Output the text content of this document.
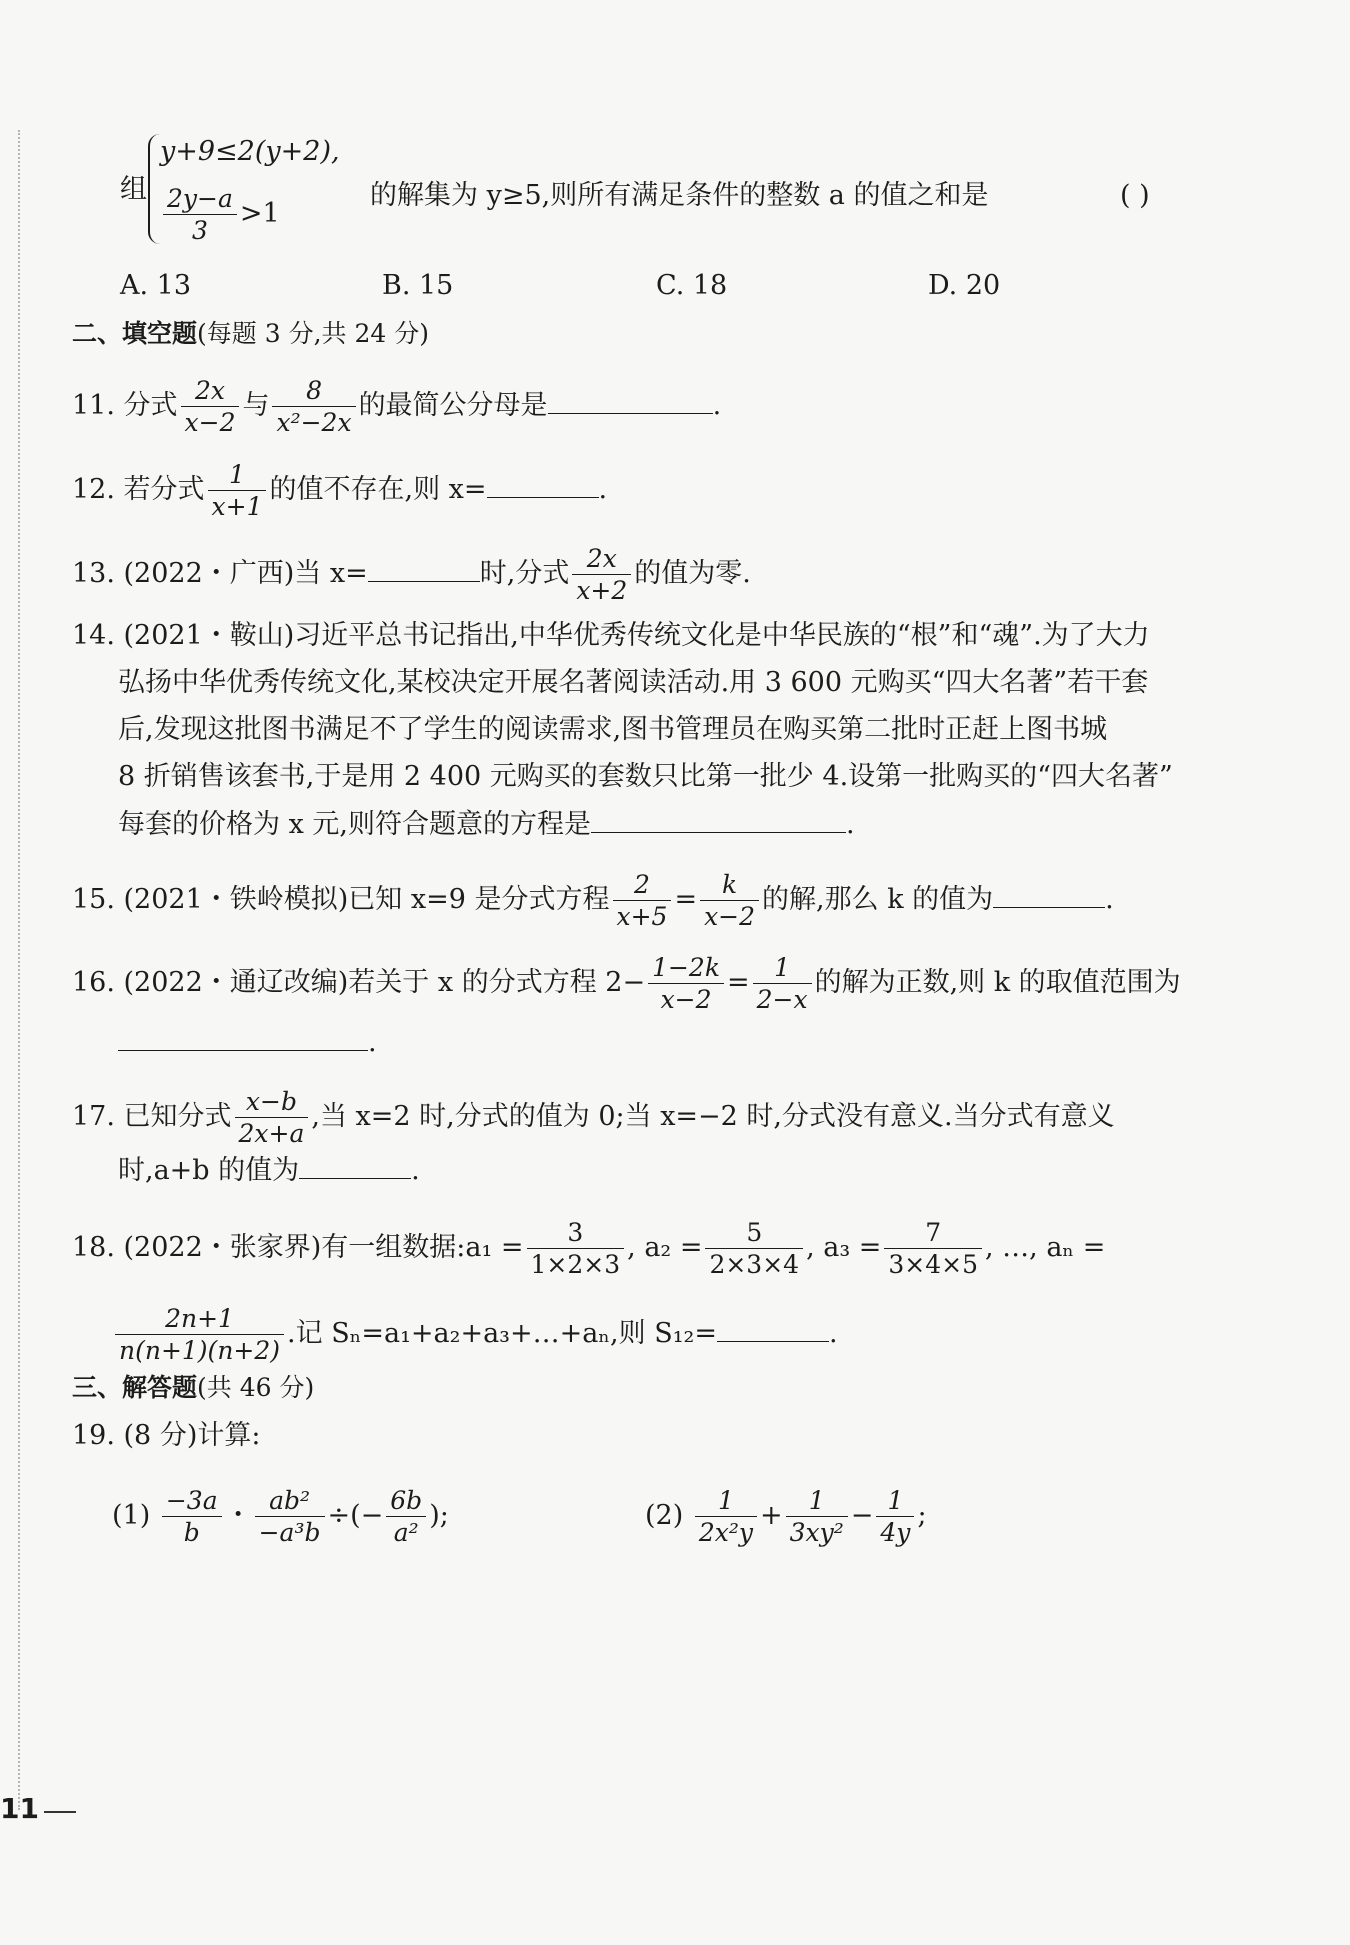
组
y+9≤2(y+2),
$\frac{2y-a}{3} >1$
的解集为 y≥5,则所有满足条件的整数 a 的值之和是	( )
A. 13	B. 15	C. 18	D. 20
二、填空题(每题 3 分,共 24 分)
11. 分式 $\frac{2x}{x-2}$ 与 $\frac{8}{\text{x²−2x}}$ 的最简公分母是	.
12. 若分式 $\frac{1}{x+1}$ 的值不存在,则 x=	.
13. (2022・广西)当 x=	时,分式 $\frac{2x}{x+2}$ 的值为零.
14. (2021・鞍山)习近平总书记指出,中华优秀传统文化是中华民族的“根”和“魂”.为了大力
弘扬中华优秀传统文化,某校决定开展名著阅读活动.用 3 600 元购买“四大名著”若干套
后,发现这批图书满足不了学生的阅读需求,图书管理员在购买第二批时正赶上图书城
8 折销售该套书,于是用 2 400 元购买的套数只比第一批少 4.设第一批购买的“四大名著”
每套的价格为 x 元,则符合题意的方程是	.
15. (2021・铁岭模拟)已知 x=9 是分式方程 $\frac{2}{x+5} = \frac{k}{x-2}$ 的解,那么 k 的值为	.
16. (2022・通辽改编)若关于 x 的分式方程 $2- \frac{1-2k}{x-2} = \frac{1}{2-x}$ 的解为正数,则 k 的取值范围为
.
17. 已知分式 $\frac{x-b}{2x+a}$ ,当 x=2 时,分式的值为 0;当 x=−2 时,分式没有意义.当分式有意义
时,a+b 的值为	.
18. (2022・张家界)有一组数据:a₁ = $\frac{3}{1\times 2\times 3}$ , $a_2 = \frac{5}{2\times 3\times 4}$ , $a_3 = \frac{7}{3\times 4\times 5}$ , …, aₙ =
$\frac{2n+1}{n(n+1)(n+2)}$ .记 Sₙ=a₁+a₂+a₃+…+aₙ,则 S₁₂=	.
三、解答题(共 46 分)
19. (8 分)计算:
$(1) \frac{-3a}{b}$ ・ $\frac{\text{ab²}}{\text{−a³b}}$ ÷(− $\frac{6b}{\text{a²}}$ );	$(2) \frac{1}{\text{2x²y}} + \frac{1}{\text{3xy²}} - \frac{1}{4y}$ ;
11
